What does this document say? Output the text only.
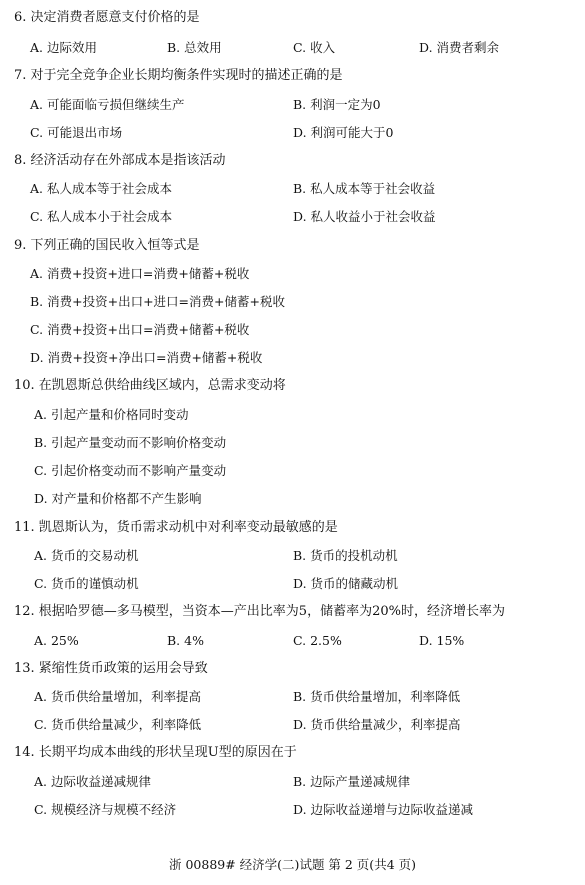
6. 决定消费者愿意支付价格的是
A. 边际效用	B. 总效用	C. 收入	D. 消费者剩余
7. 对于完全竞争企业长期均衡条件实现时的描述正确的是
A. 可能面临亏损但继续生产	B. 利润一定为0
C. 可能退出市场	D. 利润可能大于0
8. 经济活动存在外部成本是指该活动
A. 私人成本等于社会成本	B. 私人成本等于社会收益
C. 私人成本小于社会成本	D. 私人收益小于社会收益
9. 下列正确的国民收入恒等式是
A. 消费+投资+进口=消费+储蓄+税收
B. 消费+投资+出口+进口=消费+储蓄+税收
C. 消费+投资+出口=消费+储蓄+税收
D. 消费+投资+净出口=消费+储蓄+税收
10. 在凯恩斯总供给曲线区域内，总需求变动将
A. 引起产量和价格同时变动
B. 引起产量变动而不影响价格变动
C. 引起价格变动而不影响产量变动
D. 对产量和价格都不产生影响
11. 凯恩斯认为，货币需求动机中对利率变动最敏感的是
A. 货币的交易动机	B. 货币的投机动机
C. 货币的谨慎动机	D. 货币的储藏动机
12. 根据哈罗德—多马模型，当资本—产出比率为5，储蓄率为20%时，经济增长率为
A. 25%	B. 4%	C. 2.5%	D. 15%
13. 紧缩性货币政策的运用会导致
A. 货币供给量增加，利率提高	B. 货币供给量增加，利率降低
C. 货币供给量减少，利率降低	D. 货币供给量减少，利率提高
14. 长期平均成本曲线的形状呈现U型的原因在于
A. 边际收益递减规律	B. 边际产量递减规律
C. 规模经济与规模不经济	D. 边际收益递增与边际收益递减
浙 00889# 经济学(二)试题 第 2 页(共4 页)
